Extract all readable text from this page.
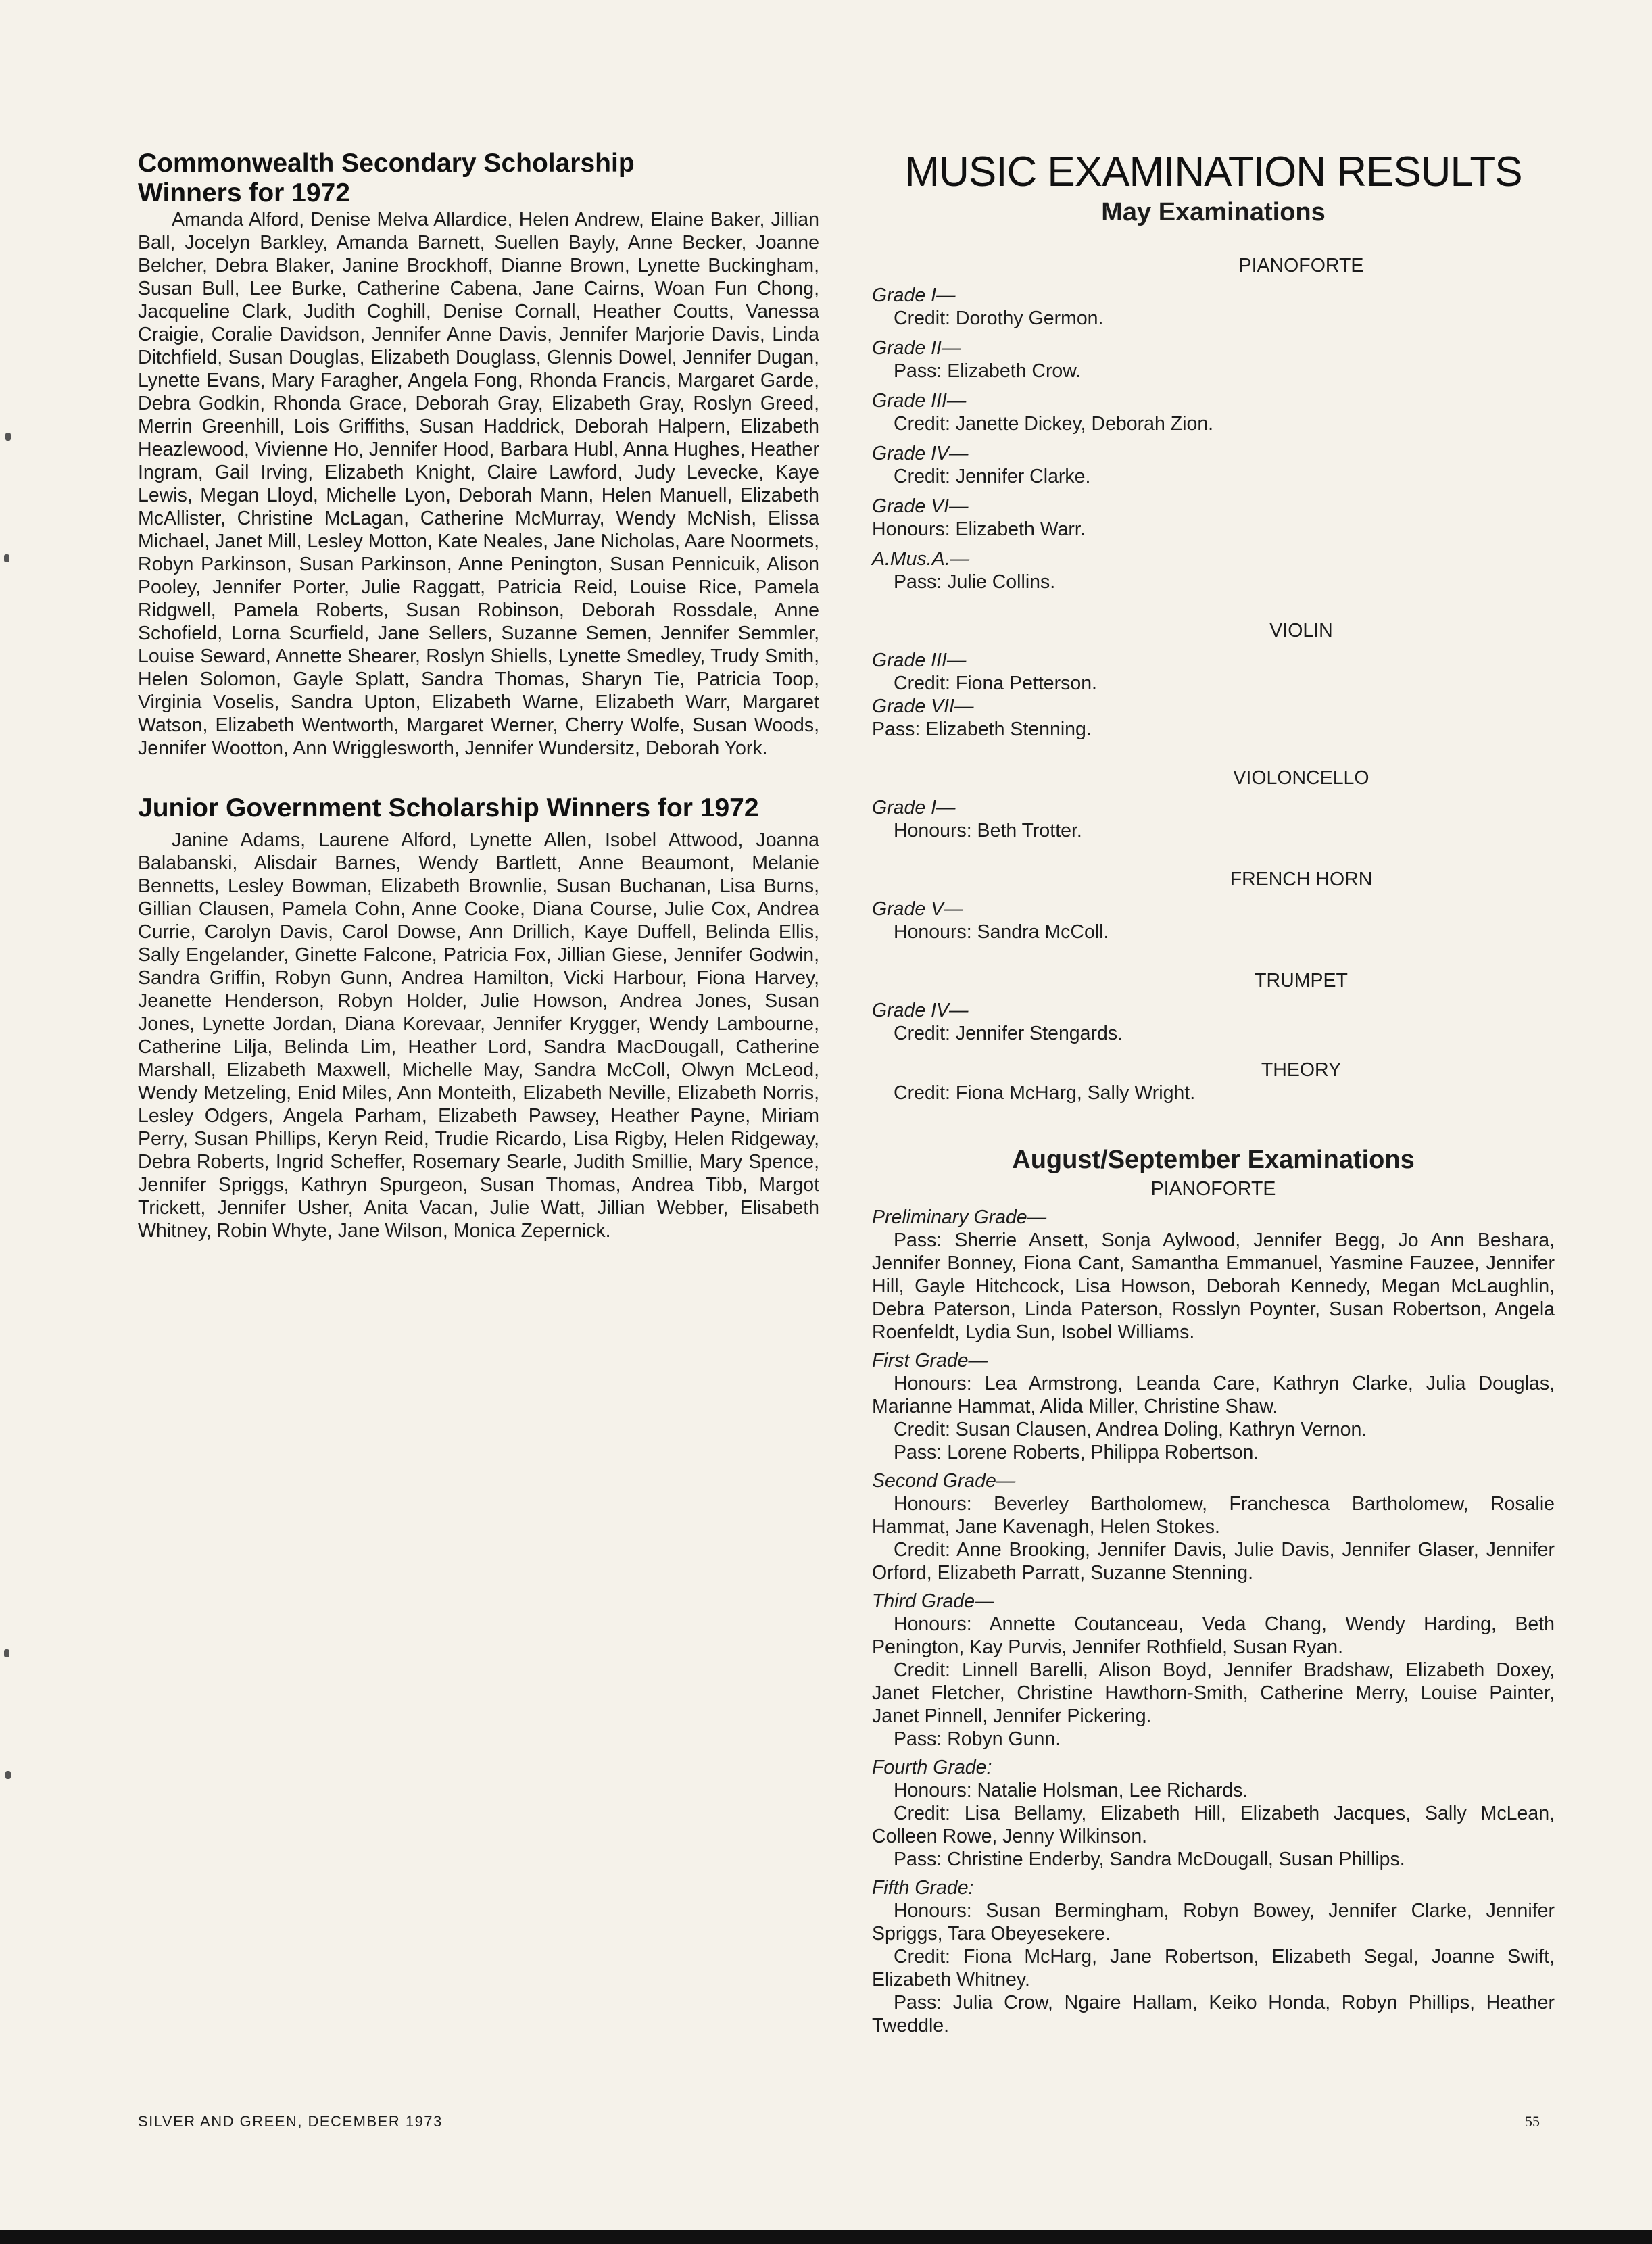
Commonwealth Secondary Scholarship
Winners for 1972

Amanda Alford, Denise Melva Allardice, Helen Andrew, Elaine Baker, Jillian Ball, Jocelyn Barkley, Amanda Barnett, Suellen Bayly, Anne Becker, Joanne Belcher, Debra Blaker, Janine Brockhoff, Dianne Brown, Lynette Buckingham, Susan Bull, Lee Burke, Catherine Cabena, Jane Cairns, Woan Fun Chong, Jacqueline Clark, Judith Coghill, Denise Cornall, Heather Coutts, Vanessa Craigie, Coralie Davidson, Jennifer Anne Davis, Jennifer Marjorie Davis, Linda Ditchfield, Susan Douglas, Elizabeth Douglass, Glennis Dowel, Jennifer Dugan, Lynette Evans, Mary Faragher, Angela Fong, Rhonda Francis, Margaret Garde, Debra Godkin, Rhonda Grace, Deborah Gray, Elizabeth Gray, Roslyn Greed, Merrin Greenhill, Lois Griffiths, Susan Haddrick, Deborah Halpern, Elizabeth Heazlewood, Vivienne Ho, Jennifer Hood, Barbara Hubl, Anna Hughes, Heather Ingram, Gail Irving, Elizabeth Knight, Claire Lawford, Judy Levecke, Kaye Lewis, Megan Lloyd, Michelle Lyon, Deborah Mann, Helen Manuell, Elizabeth McAllister, Christine McLagan, Catherine McMurray, Wendy McNish, Elissa Michael, Janet Mill, Lesley Motton, Kate Neales, Jane Nicholas, Aare Noormets, Robyn Parkinson, Susan Parkinson, Anne Penington, Susan Pennicuik, Alison Pooley, Jennifer Porter, Julie Raggatt, Patricia Reid, Louise Rice, Pamela Ridgwell, Pamela Roberts, Susan Robinson, Deborah Rossdale, Anne Schofield, Lorna Scurfield, Jane Sellers, Suzanne Semen, Jennifer Semmler, Louise Seward, Annette Shearer, Roslyn Shiells, Lynette Smedley, Trudy Smith, Helen Solomon, Gayle Splatt, Sandra Thomas, Sharyn Tie, Patricia Toop, Virginia Voselis, Sandra Upton, Elizabeth Warne, Elizabeth Warr, Margaret Watson, Elizabeth Wentworth, Margaret Werner, Cherry Wolfe, Susan Woods, Jennifer Wootton, Ann Wrigglesworth, Jennifer Wundersitz, Deborah York.

Junior Government Scholarship Winners for 1972

Janine Adams, Laurene Alford, Lynette Allen, Isobel Attwood, Joanna Balabanski, Alisdair Barnes, Wendy Bartlett, Anne Beaumont, Melanie Bennetts, Lesley Bowman, Elizabeth Brownlie, Susan Buchanan, Lisa Burns, Gillian Clausen, Pamela Cohn, Anne Cooke, Diana Course, Julie Cox, Andrea Currie, Carolyn Davis, Carol Dowse, Ann Drillich, Kaye Duffell, Belinda Ellis, Sally Engelander, Ginette Falcone, Patricia Fox, Jillian Giese, Jennifer Godwin, Sandra Griffin, Robyn Gunn, Andrea Hamilton, Vicki Harbour, Fiona Harvey, Jeanette Henderson, Robyn Holder, Julie Howson, Andrea Jones, Susan Jones, Lynette Jordan, Diana Korevaar, Jennifer Krygger, Wendy Lambourne, Catherine Lilja, Belinda Lim, Heather Lord, Sandra MacDougall, Catherine Marshall, Elizabeth Maxwell, Michelle May, Sandra McColl, Olwyn McLeod, Wendy Metzeling, Enid Miles, Ann Monteith, Elizabeth Neville, Elizabeth Norris, Lesley Odgers, Angela Parham, Elizabeth Pawsey, Heather Payne, Miriam Perry, Susan Phillips, Keryn Reid, Trudie Ricardo, Lisa Rigby, Helen Ridgeway, Debra Roberts, Ingrid Scheffer, Rosemary Searle, Judith Smillie, Mary Spence, Jennifer Spriggs, Kathryn Spurgeon, Susan Thomas, Andrea Tibb, Margot Trickett, Jennifer Usher, Anita Vacan, Julie Watt, Jillian Webber, Elisabeth Whitney, Robin Whyte, Jane Wilson, Monica Zepernick.

MUSIC EXAMINATION RESULTS
May Examinations
PIANOFORTE
Grade I—
Credit: Dorothy Germon.
Grade II—
Pass: Elizabeth Crow.
Grade III—
Credit: Janette Dickey, Deborah Zion.
Grade IV—
Credit: Jennifer Clarke.
Grade VI—
Honours: Elizabeth Warr.
A.Mus.A.—
Pass: Julie Collins.
VIOLIN
Grade III—
Credit: Fiona Petterson.
Grade VII—
Pass: Elizabeth Stenning.
VIOLONCELLO
Grade I—
Honours: Beth Trotter.
FRENCH HORN
Grade V—
Honours: Sandra McColl.
TRUMPET
Grade IV—
Credit: Jennifer Stengards.
THEORY
Credit: Fiona McHarg, Sally Wright.
August/September Examinations
PIANOFORTE
Preliminary Grade—
Pass: Sherrie Ansett, Sonja Aylwood, Jennifer Begg, Jo Ann Beshara, Jennifer Bonney, Fiona Cant, Samantha Emmanuel, Yasmine Fauzee, Jennifer Hill, Gayle Hitchcock, Lisa Howson, Deborah Kennedy, Megan McLaughlin, Debra Paterson, Linda Paterson, Rosslyn Poynter, Susan Robertson, Angela Roenfeldt, Lydia Sun, Isobel Williams.
First Grade—
Honours: Lea Armstrong, Leanda Care, Kathryn Clarke, Julia Douglas, Marianne Hammat, Alida Miller, Christine Shaw.
Credit: Susan Clausen, Andrea Doling, Kathryn Vernon.
Pass: Lorene Roberts, Philippa Robertson.
Second Grade—
Honours: Beverley Bartholomew, Franchesca Bartholomew, Rosalie Hammat, Jane Kavenagh, Helen Stokes.
Credit: Anne Brooking, Jennifer Davis, Julie Davis, Jennifer Glaser, Jennifer Orford, Elizabeth Parratt, Suzanne Stenning.
Third Grade—
Honours: Annette Coutanceau, Veda Chang, Wendy Harding, Beth Penington, Kay Purvis, Jennifer Rothfield, Susan Ryan.
Credit: Linnell Barelli, Alison Boyd, Jennifer Bradshaw, Elizabeth Doxey, Janet Fletcher, Christine Hawthorn-Smith, Catherine Merry, Louise Painter, Janet Pinnell, Jennifer Pickering.
Pass: Robyn Gunn.
Fourth Grade:
Honours: Natalie Holsman, Lee Richards.
Credit: Lisa Bellamy, Elizabeth Hill, Elizabeth Jacques, Sally McLean, Colleen Rowe, Jenny Wilkinson.
Pass: Christine Enderby, Sandra McDougall, Susan Phillips.
Fifth Grade:
Honours: Susan Bermingham, Robyn Bowey, Jennifer Clarke, Jennifer Spriggs, Tara Obeyesekere.
Credit: Fiona McHarg, Jane Robertson, Elizabeth Segal, Joanne Swift, Elizabeth Whitney.
Pass: Julia Crow, Ngaire Hallam, Keiko Honda, Robyn Phillips, Heather Tweddle.
SILVER AND GREEN, DECEMBER 1973	55
